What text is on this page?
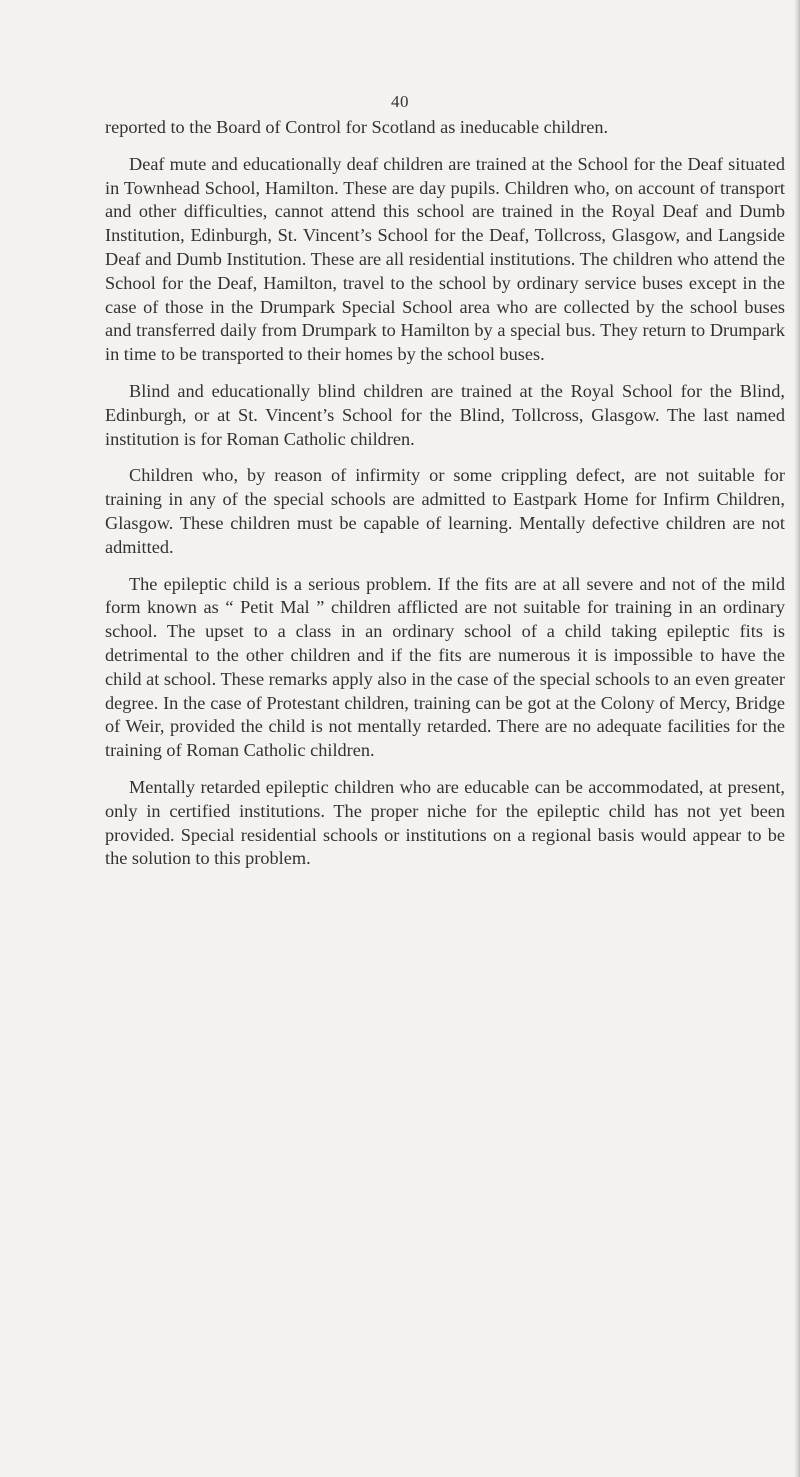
40

reported to the Board of Control for Scotland as ineducable children.

Deaf mute and educationally deaf children are trained at the School for the Deaf situated in Townhead School, Hamilton. These are day pupils. Children who, on account of transport and other difficulties, cannot attend this school are trained in the Royal Deaf and Dumb Institution, Edinburgh, St. Vincent’s School for the Deaf, Tollcross, Glasgow, and Langside Deaf and Dumb Institution. These are all residential institutions. The children who attend the School for the Deaf, Hamilton, travel to the school by ordinary service buses except in the case of those in the Drumpark Special School area who are collected by the school buses and transferred daily from Drumpark to Hamilton by a special bus. They return to Drumpark in time to be transported to their homes by the school buses.

Blind and educationally blind children are trained at the Royal School for the Blind, Edinburgh, or at St. Vincent’s School for the Blind, Tollcross, Glasgow. The last named institution is for Roman Catholic children.

Children who, by reason of infirmity or some crippling defect, are not suitable for training in any of the special schools are admitted to Eastpark Home for Infirm Children, Glasgow. These children must be capable of learning. Mentally defective children are not admitted.

The epileptic child is a serious problem. If the fits are at all severe and not of the mild form known as “ Petit Mal ” children afflicted are not suitable for training in an ordinary school. The upset to a class in an ordinary school of a child taking epileptic fits is detrimental to the other children and if the fits are numerous it is impossible to have the child at school. These remarks apply also in the case of the special schools to an even greater degree. In the case of Protestant children, training can be got at the Colony of Mercy, Bridge of Weir, provided the child is not mentally retarded. There are no adequate facilities for the training of Roman Catholic children.

Mentally retarded epileptic children who are educable can be accommodated, at present, only in certified institutions. The proper niche for the epileptic child has not yet been provided. Special residential schools or institutions on a regional basis would appear to be the solution to this problem.
